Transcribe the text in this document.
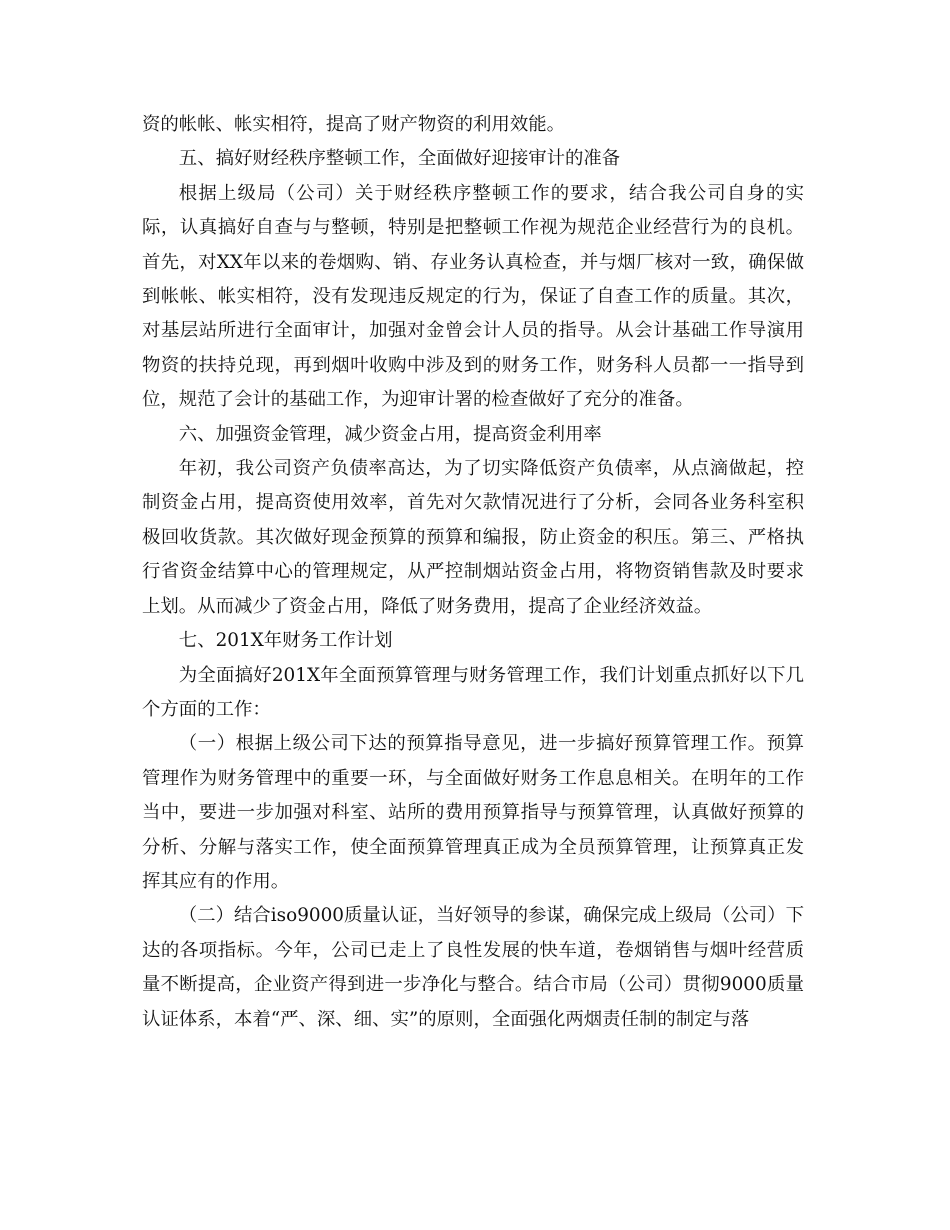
资的帐帐、帐实相符，提高了财产物资的利用效能。

五、搞好财经秩序整顿工作，全面做好迎接审计的准备

根据上级局（公司）关于财经秩序整顿工作的要求，结合我公司自身的实际，认真搞好自查与与整顿，特别是把整顿工作视为规范企业经营行为的良机。首先，对XX年以来的卷烟购、销、存业务认真检查，并与烟厂核对一致，确保做到帐帐、帐实相符，没有发现违反规定的行为，保证了自查工作的质量。其次，对基层站所进行全面审计，加强对金曾会计人员的指导。从会计基础工作导演用物资的扶持兑现，再到烟叶收购中涉及到的财务工作，财务科人员都一一指导到位，规范了会计的基础工作，为迎审计署的检查做好了充分的准备。

六、加强资金管理，减少资金占用，提高资金利用率

年初，我公司资产负债率高达，为了切实降低资产负债率，从点滴做起，控制资金占用，提高资使用效率，首先对欠款情况进行了分析，会同各业务科室积极回收货款。其次做好现金预算的预算和编报，防止资金的积压。第三、严格执行省资金结算中心的管理规定，从严控制烟站资金占用，将物资销售款及时要求上划。从而减少了资金占用，降低了财务费用，提高了企业经济效益。

七、201X年财务工作计划

为全面搞好201X年全面预算管理与财务管理工作，我们计划重点抓好以下几个方面的工作：

（一）根据上级公司下达的预算指导意见，进一步搞好预算管理工作。预算管理作为财务管理中的重要一环，与全面做好财务工作息息相关。在明年的工作当中，要进一步加强对科室、站所的费用预算指导与预算管理，认真做好预算的分析、分解与落实工作，使全面预算管理真正成为全员预算管理，让预算真正发挥其应有的作用。

（二）结合iso9000质量认证，当好领导的参谋，确保完成上级局（公司）下达的各项指标。今年，公司已走上了良性发展的快车道，卷烟销售与烟叶经营质量不断提高，企业资产得到进一步净化与整合。结合市局（公司）贯彻9000质量认证体系，本着“严、深、细、实”的原则，全面强化两烟责任制的制定与落
